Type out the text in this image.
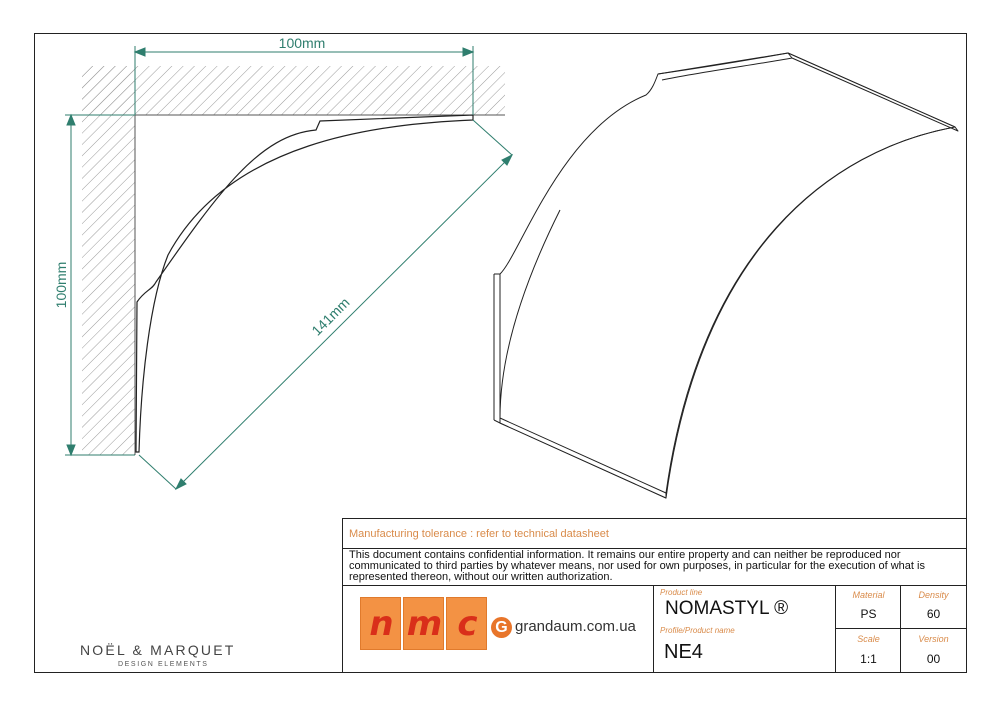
100mm
100mm
141mm
Manufacturing tolerance : refer to technical datasheet
This document contains confidential information. It remains our entire property and can neither be reproduced nor communicated to third parties by whatever means, nor used for own purposes, in particular for the execution of what is represented thereon, without our written authorization.
n m c	G grandaum.com.ua
Product line
NOMASTYL ®
Profile/Product name
NE4
Material
PS
Density
60
Scale
1:1
Version
00
NOËL & MARQUET
DESIGN ELEMENTS
